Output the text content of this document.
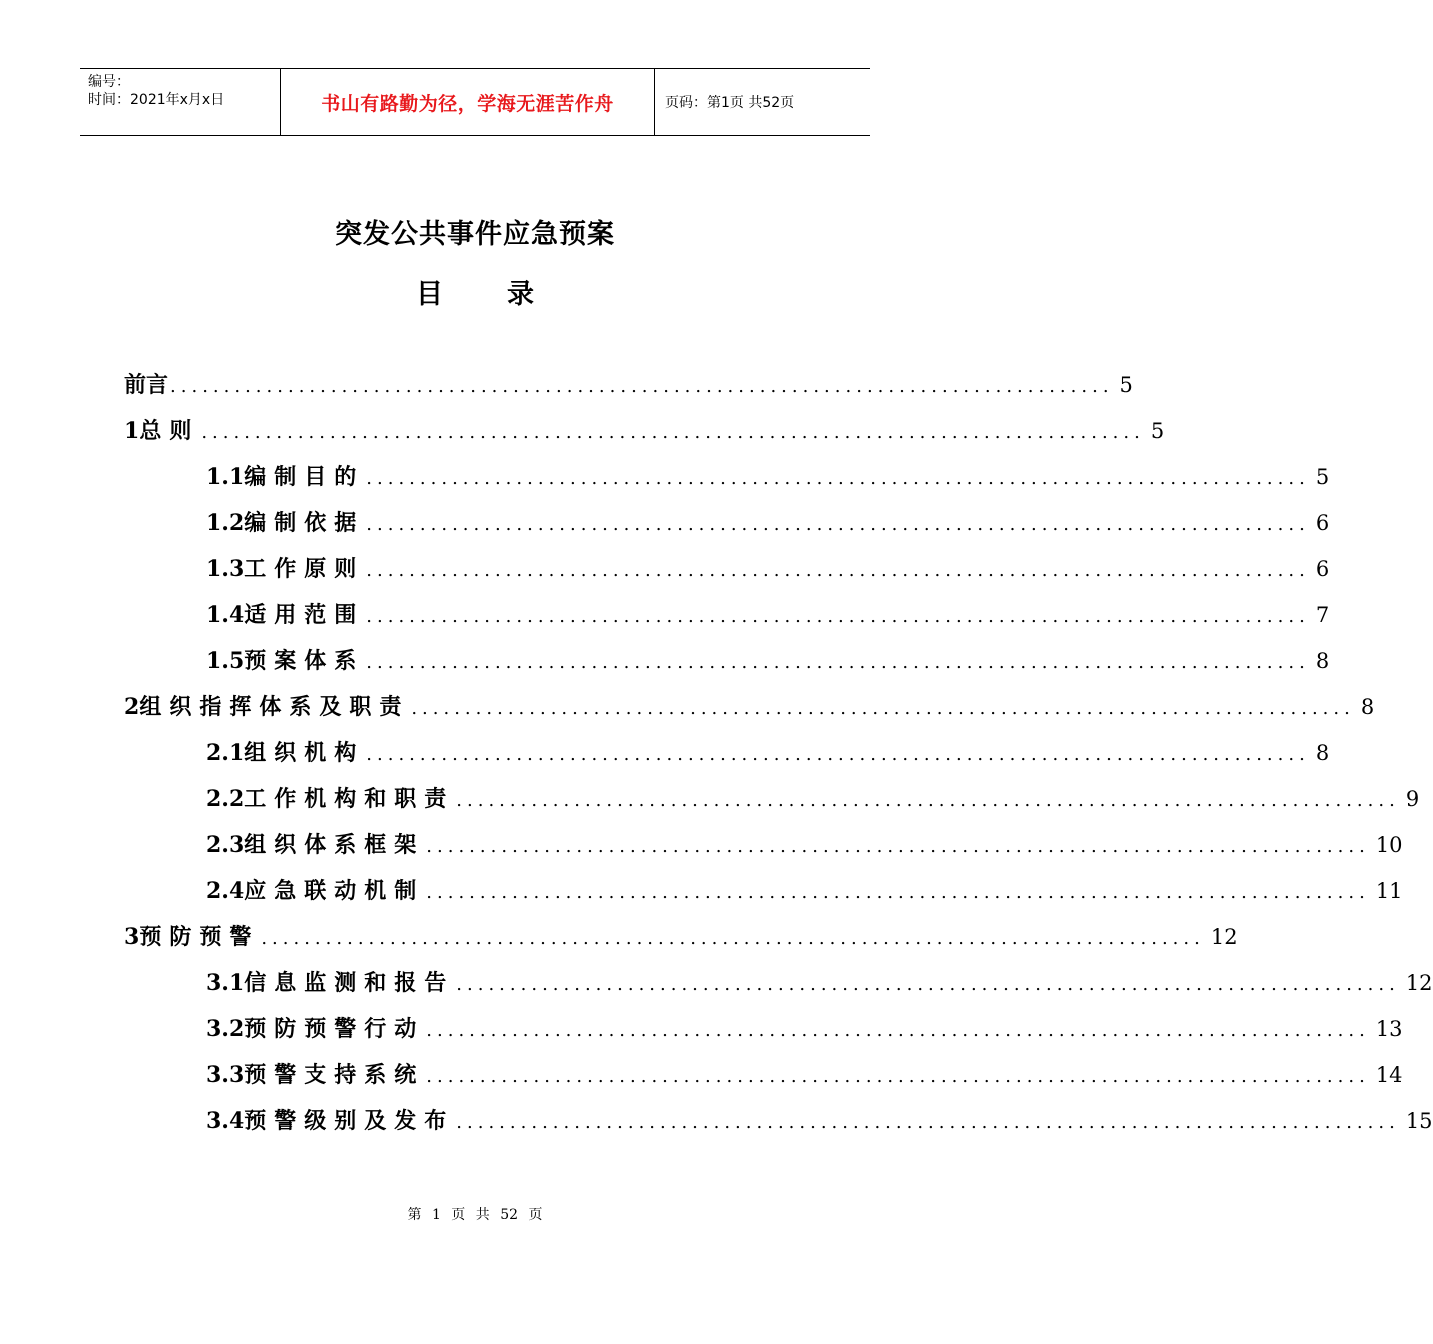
编号：
时间：2021年x月x日	书山有路勤为径，学海无涯苦作舟	页码：第1页 共52页
突发公共事件应急预案
目 录
前 言 ........................................................................................ 5
1 总则 ........................................................................................ 5
1.1 编制目的 ........................................................................................ 5
1.2 编制依据 ........................................................................................ 6
1.3 工作原则 ........................................................................................ 6
1.4 适用范围 ........................................................................................ 7
1.5 预案体系 ........................................................................................ 8
2 组织指挥体系及职责 ........................................................................................ 8
2.1 组织机构 ........................................................................................ 8
2.2 工作机构和职责 ........................................................................................ 9
2.3 组织体系框架 ........................................................................................ 10
2.4 应急联动机制 ........................................................................................ 11
3 预防预警 ........................................................................................ 12
3.1 信息监测和报告 ........................................................................................ 12
3.2 预防预警行动 ........................................................................................ 13
3.3 预警支持系统 ........................................................................................ 14
3.4 预警级别及发布 ........................................................................................ 15
第 1 页 共 52 页
